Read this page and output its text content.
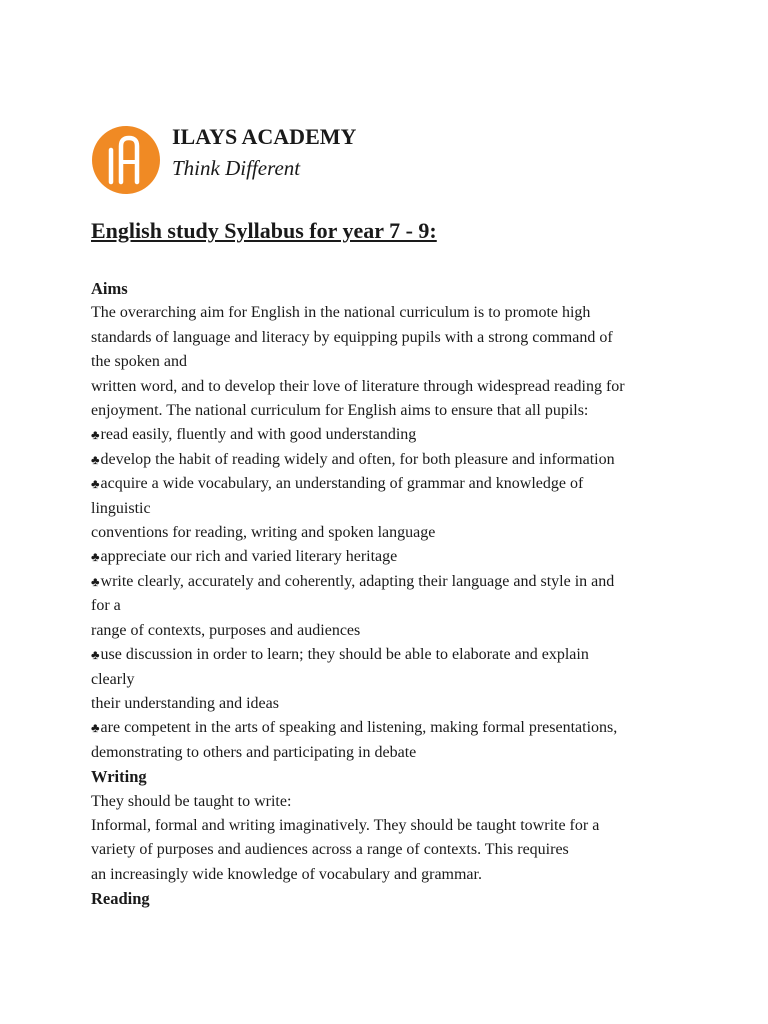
ILAYS ACADEMY
Think Different
English study Syllabus for year 7 - 9:
Aims
The overarching aim for English in the national curriculum is to promote high
standards of language and literacy by equipping pupils with a strong command of
the spoken and
written word, and to develop their love of literature through widespread reading for
enjoyment. The national curriculum for English aims to ensure that all pupils:
♣read easily, fluently and with good understanding
♣develop the habit of reading widely and often, for both pleasure and information
♣acquire a wide vocabulary, an understanding of grammar and knowledge of
linguistic
conventions for reading, writing and spoken language
♣appreciate our rich and varied literary heritage
♣write clearly, accurately and coherently, adapting their language and style in and
for a
range of contexts, purposes and audiences
♣use discussion in order to learn; they should be able to elaborate and explain
clearly
their understanding and ideas
♣are competent in the arts of speaking and listening, making formal presentations,
demonstrating to others and participating in debate
Writing
They should be taught to write:
Informal, formal and writing imaginatively. They should be taught towrite for a
variety of purposes and audiences across a range of contexts. This requires
an increasingly wide knowledge of vocabulary and grammar.
Reading
